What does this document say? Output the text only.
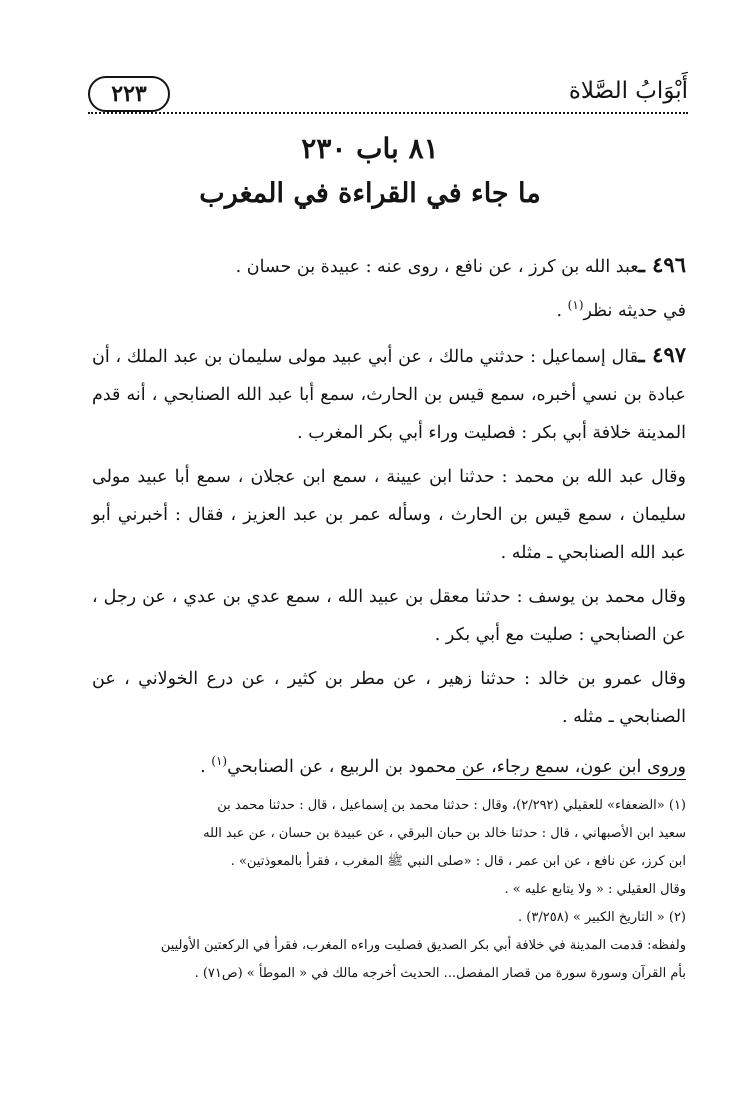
٢٢٣	أَبْوَابُ الصَّلاة
٨١ باب ٢٣٠
ما جاء في القراءة في المغرب

٤٩٦ ـعبد الله بن كرز ، عن نافع ، روى عنه : عبيدة بن حسان .
في حديثه نظر$^{(١)}$ .

٤٩٧ ـقال إسماعيل : حدثني مالك ، عن أبي عبيد مولى سليمان بن عبد الملك ، أن عبادة بن نسي أخبره، سمع قيس بن الحارث، سمع أبا عبد الله الصنابحي ، أنه قدم المدينة خلافة أبي بكر : فصليت وراء أبي بكر المغرب .

وقال عبد الله بن محمد : حدثنا ابن عيينة ، سمع ابن عجلان ، سمع أبا عبيد مولى سليمان ، سمع قيس بن الحارث ، وسأله عمر بن عبد العزيز ، فقال : أخبرني أبو عبد الله الصنابحي ـ مثله .

وقال محمد بن يوسف : حدثنا معقل بن عبيد الله ، سمع عدي بن عدي ، عن رجل ، عن الصنابحي : صليت مع أبي بكر .

وقال عمرو بن خالد : حدثنا زهير ، عن مطر بن كثير ، عن درع الخولاني ، عن الصنابحي ـ مثله .

وروى ابن عون، سمع رجاء، عن محمود بن الربيع ، عن الصنابحي$^{(١)}$ .

(١) «الضعفاء» للعقيلي (٢/٢٩٢)، وقال : حدثنا محمد بن إسماعيل ، قال : حدثنا محمد بن

سعيد ابن الأصبهاني ، قال : حدثنا خالد بن حبان البرقي ، عن عبيدة بن حسان ، عن عبد الله

ابن كرز، عن نافع ، عن ابن عمر ، قال : «صلى النبي ﷺ المغرب ، فقرأ بالمعوذتين» .

وقال العقيلي : « ولا يتابع عليه » .

(٢) « التاريخ الكبير » (٣/٢٥٨) .

ولفظه: قدمت المدينة في خلافة أبي بكر الصديق فصليت وراءه المغرب، فقرأ في الركعتين الأوليين

بأم القرآن وسورة سورة من قصار المفصل... الحديث أخرجه مالك في « الموطأ » (ص٧١) .
